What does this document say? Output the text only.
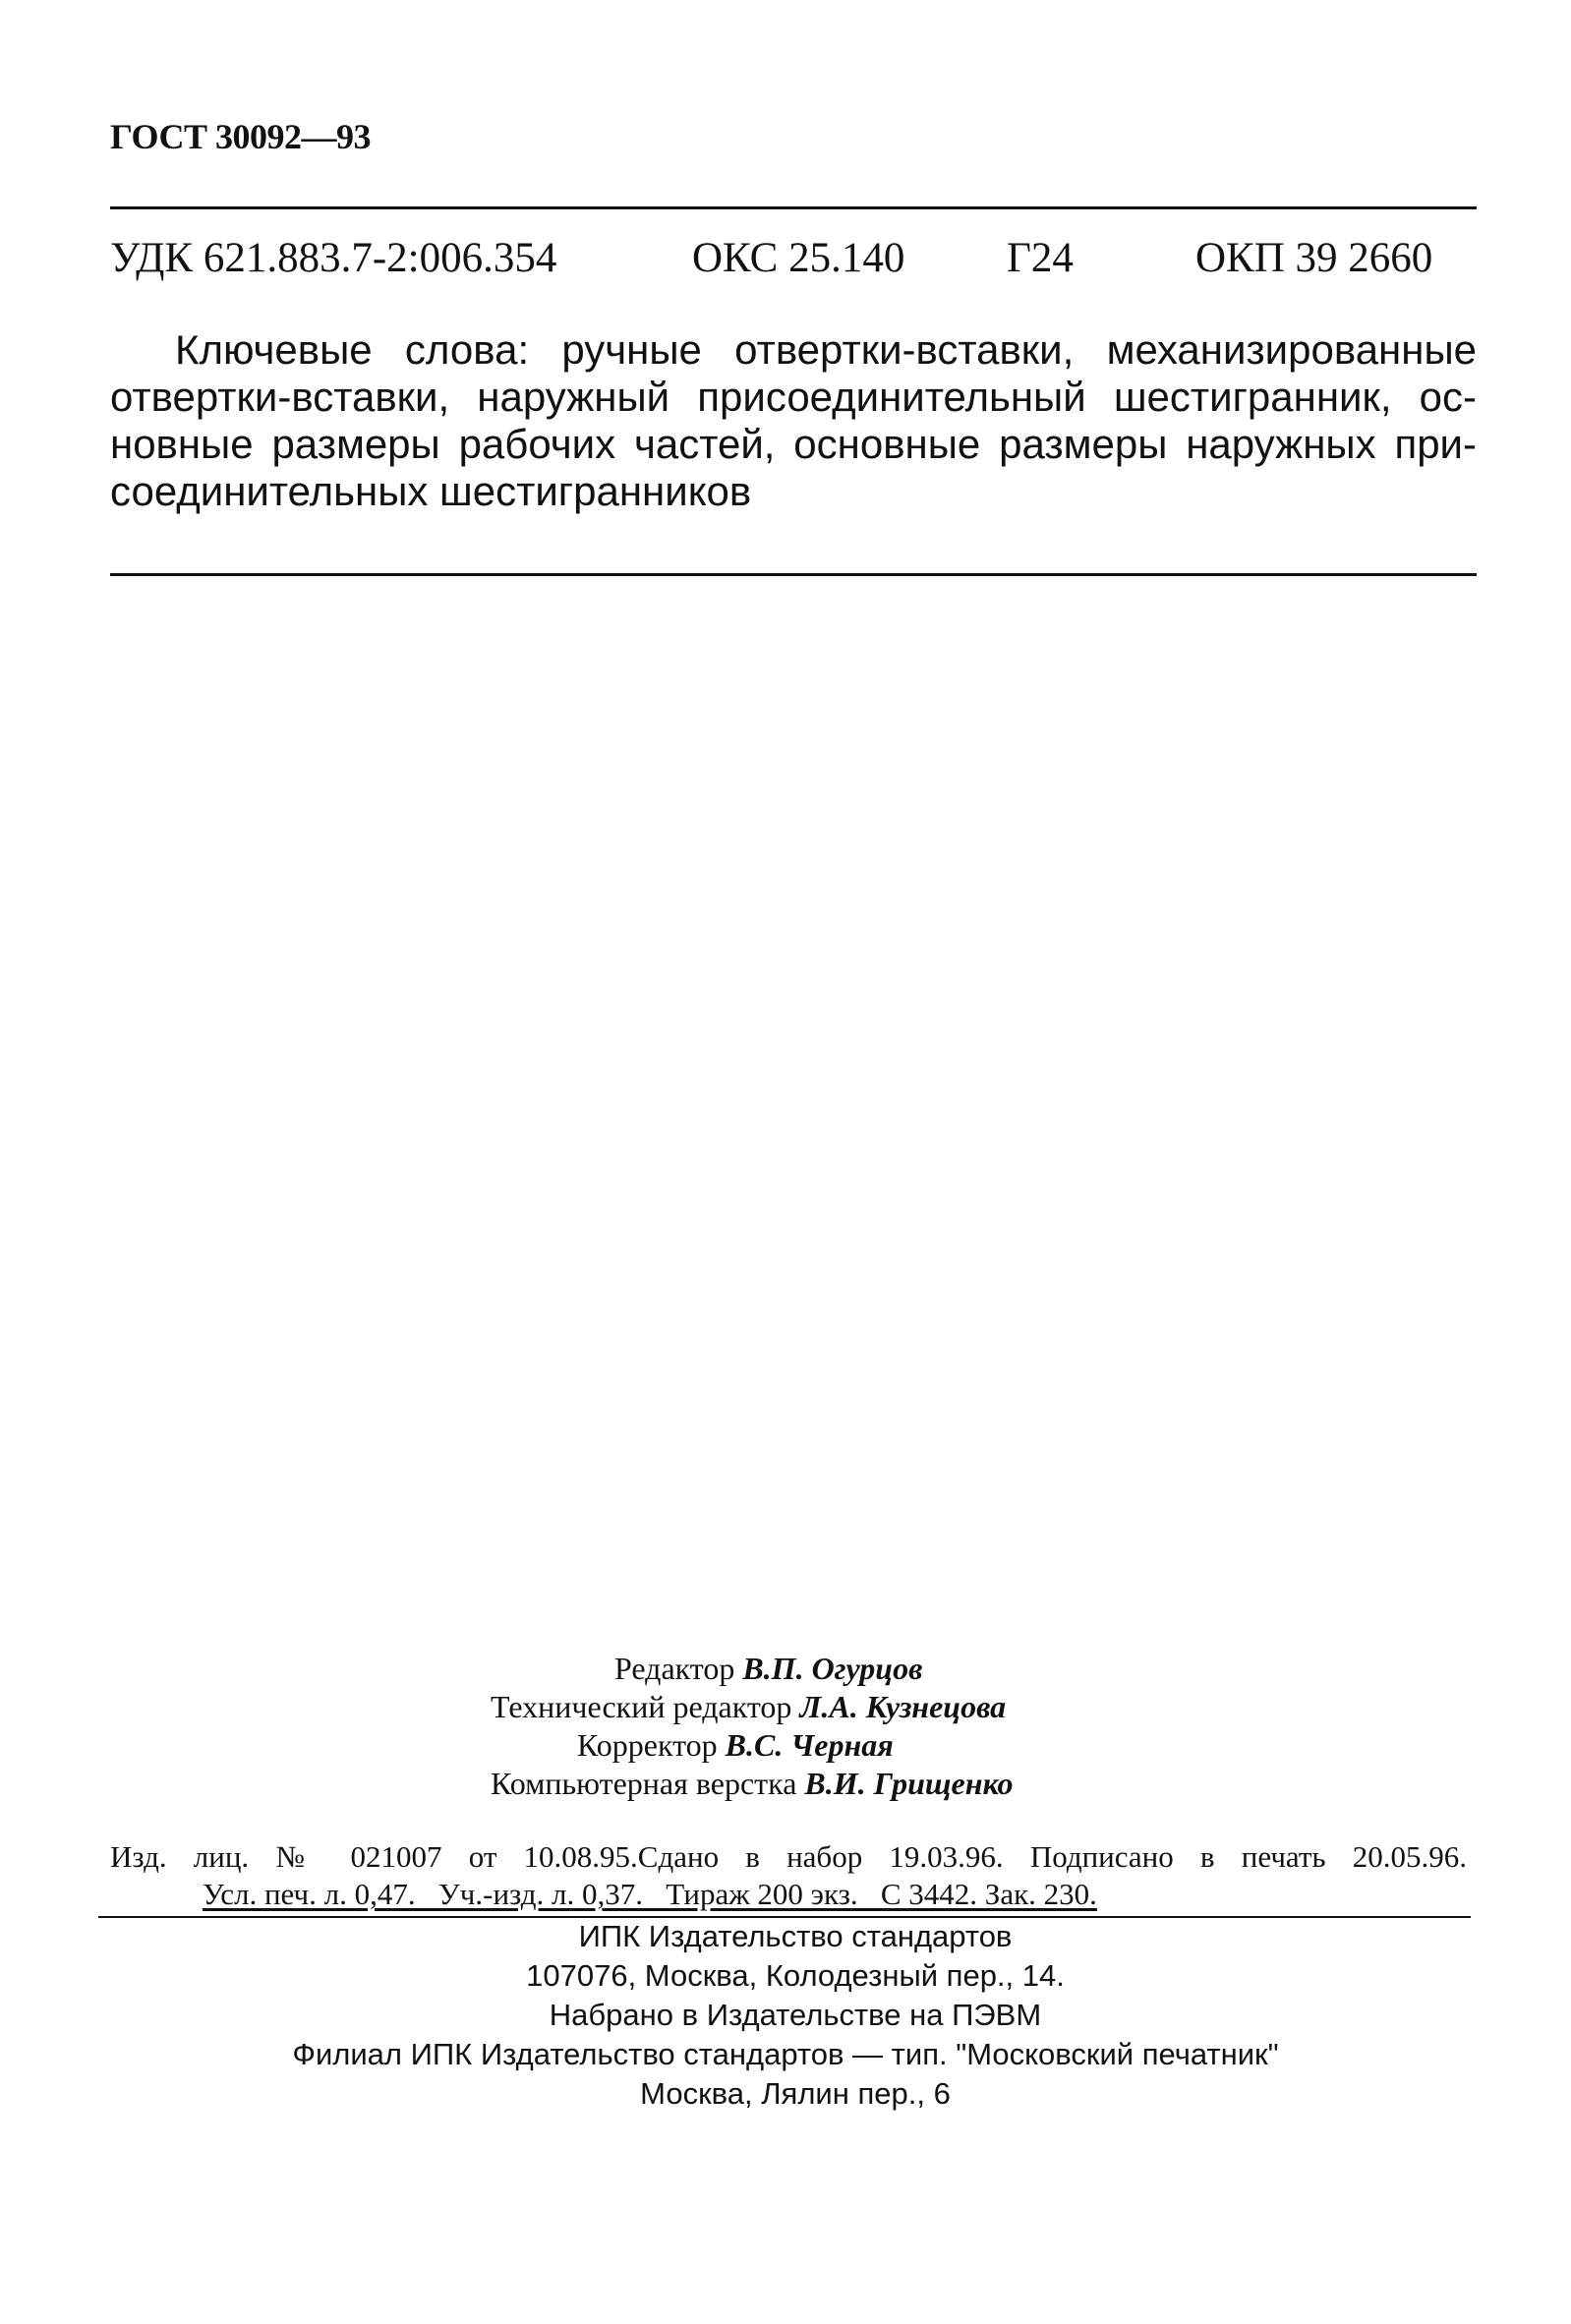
ГОСТ 30092—93
УДК 621.883.7-2:006.354	ОКС 25.140 Г24	ОКП 39 2660
Ключевые слова: ручные отвертки-вставки, механизированные
отвертки-вставки, наружный присоединительный шестигранник, ос-
новные размеры рабочих частей, основные размеры наружных при-
соединительных шестигранников
Редактор В.П. Огурцов
Технический редактор Л.А. Кузнецова
Корректор В.С. Черная
Компьютерная верстка В.И. Грищенко
Изд. лиц. № 021007 от 10.08.95.Сдано в набор 19.03.96. Подписано в печать 20.05.96.
Усл. печ. л. 0,47.   Уч.-изд. л. 0,37.   Тираж 200 экз.   С 3442. Зак. 230.
ИПК Издательство стандартов
107076, Москва, Колодезный пер., 14.
Набрано в Издательстве на ПЭВМ
Филиал ИПК Издательство стандартов — тип. "Московский печатник"
Москва, Лялин пер., 6
